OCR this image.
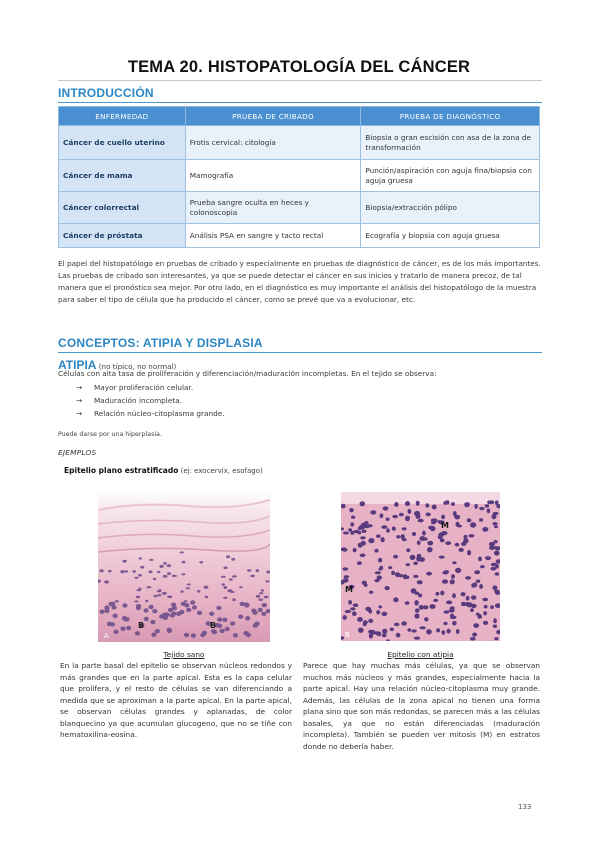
TEMA 20. HISTOPATOLOGÍA DEL CÁNCER
INTRODUCCIÓN
ENFERMEDAD	PRUEBA DE CRIBADO	PRUEBA DE DIAGNÓSTICO
Cáncer de cuello uterino	Frotis cervical: citología	Biopsia o gran escisión con asa de la zona de transformación
Cáncer de mama	Mamografía	Punción/aspiración con aguja fina/biopsia con aguja gruesa
Cáncer colorrectal	Prueba sangre oculta en heces y colonoscopia	Biopsia/extracción pólipo
Cáncer de próstata	Análisis PSA en sangre y tacto rectal	Ecografía y biopsia con aguja gruesa

El papel del histopatólogo en pruebas de cribado y especialmente en pruebas de diagnóstico de cáncer, es de los más importantes. Las pruebas de cribado son interesantes, ya que se puede detectar el cáncer en sus inicios y tratarlo de manera precoz, de tal manera que el pronóstico sea mejor. Por otro lado, en el diagnóstico es muy importante el análisis del histopatólogo de la muestra para saber el tipo de célula que ha producido el cáncer, como se prevé que va a evolucionar, etc.

CONCEPTOS: ATIPIA Y DISPLASIA
ATIPIA (no típico, no normal)

Células con alta tasa de proliferación y diferenciación/maduración incompletas. En el tejido se observa:

→ Mayor proliferación celular.
→ Maduración incompleta.
→ Relación núcleo-citoplasma grande.
Puede darse por una hiperplasia.
EJEMPLOS
Epitelio plano estratificado (ej: exocervix, esofago)
A
B	B
M
M
B
Tejido sano	Epitelio con atipia

En la parte basal del epitelio se observan núcleos redondos y más grandes que en la parte apical. Esta es la capa celular que prolifera, y el resto de células se van diferenciando a medida que se aproximan a la parte apical. En la parte apical, se observan células grandes y aplanadas, de color blanquecino ya que acumulan glucogeno, que no se tiñe con hematoxilina-eosina.

Parece que hay muchas más células, ya que se observan muchos más núcleos y más grandes, especialmente hacia la parte apical. Hay una relación núcleo-citoplasma muy grande. Además, las células de la zona apical no tienen una forma plana sino que son más redondas, se parecen más a las células basales, ya que no están diferenciadas (maduración incompleta). También se pueden ver mitosis (M) en estratos donde no debería haber.

133
